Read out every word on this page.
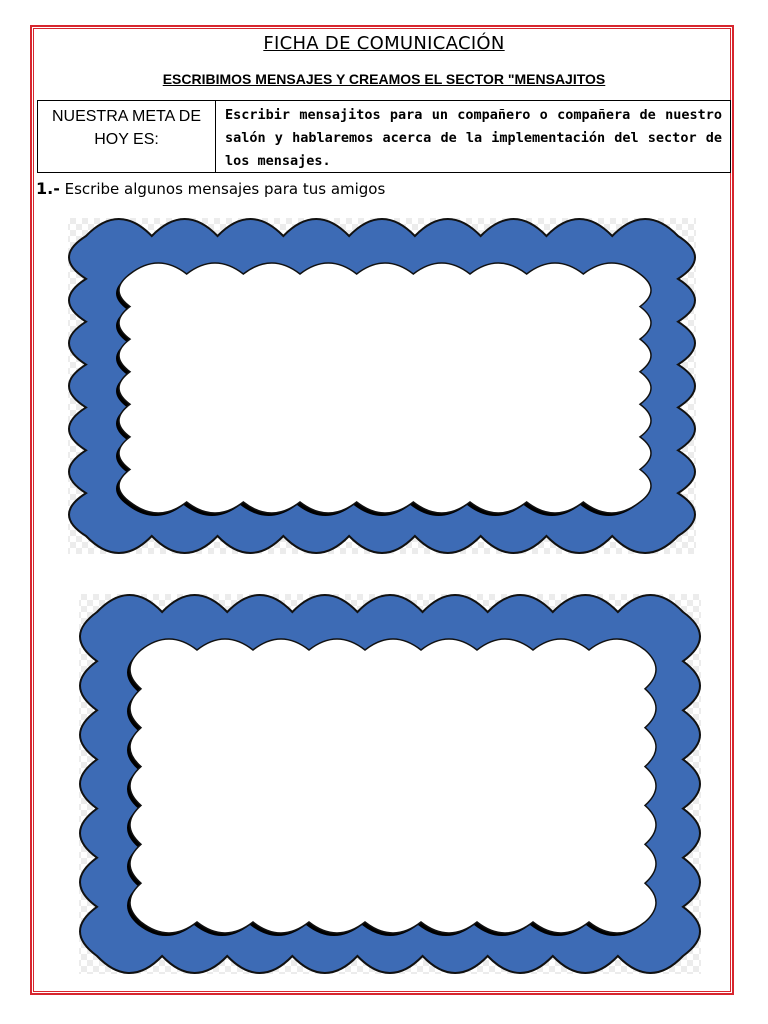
FICHA DE COMUNICACIÓN
ESCRIBIMOS MENSAJES Y CREAMOS EL SECTOR "MENSAJITOS
NUESTRA META DE HOY ES:
Escribir mensajitos para un compañero o compañera de nuestro salón y hablaremos acerca de la implementación del sector de los mensajes.
1.- Escribe algunos mensajes para tus amigos
